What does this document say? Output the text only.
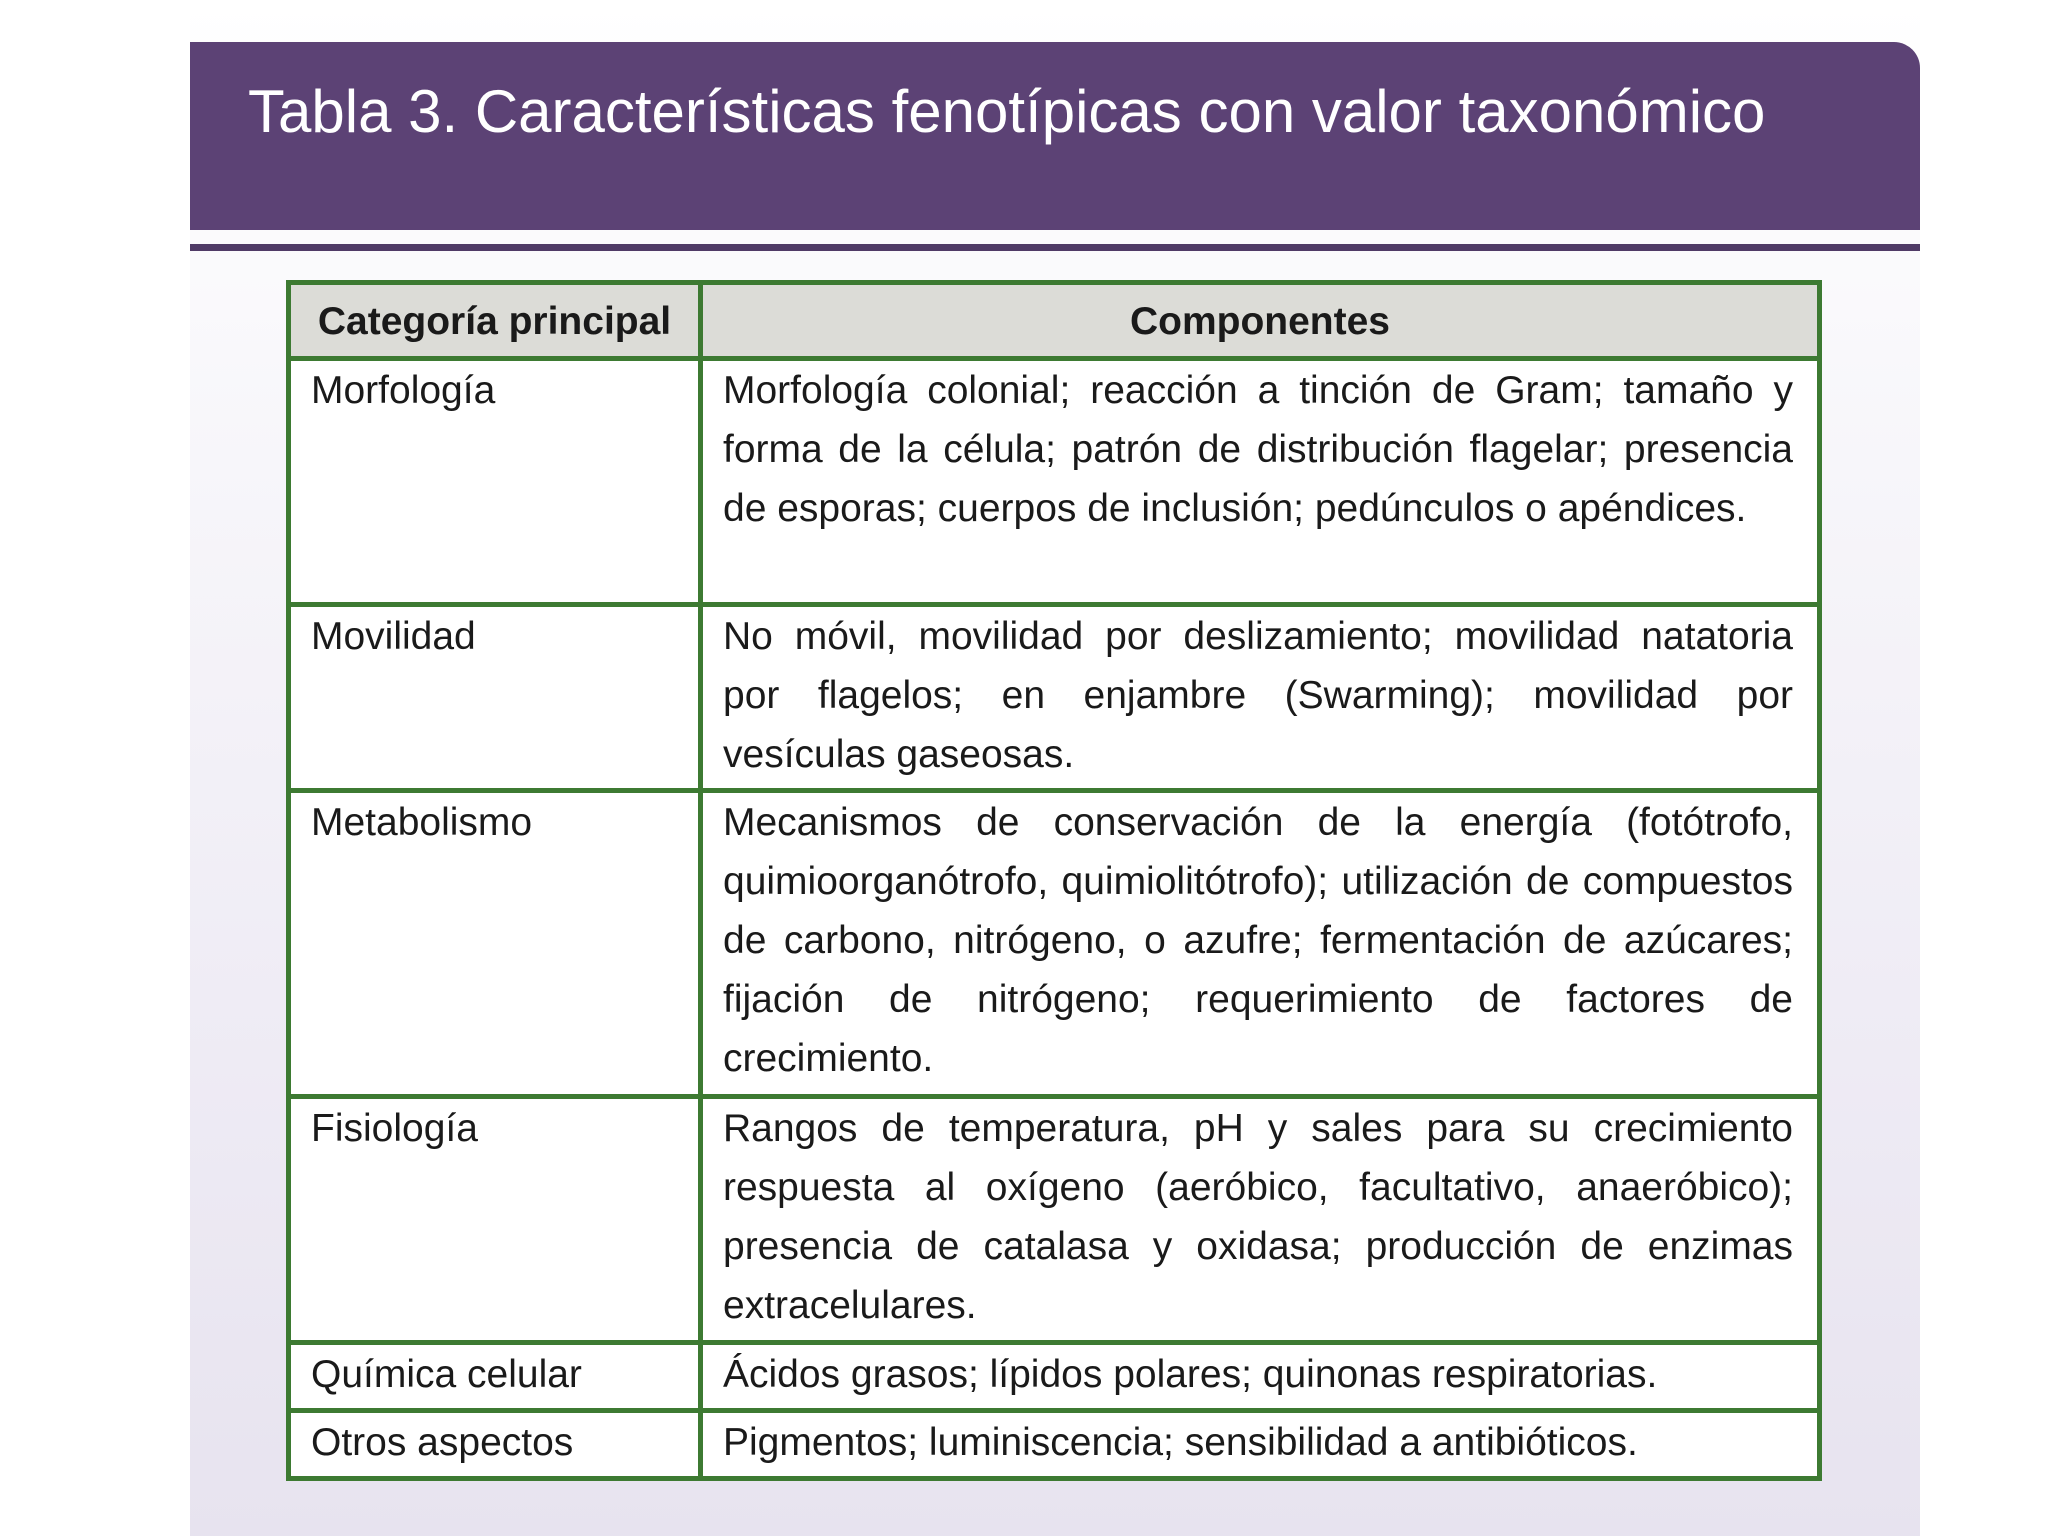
Tabla 3. Características fenotípicas con valor taxonómico
Categoría principal	Componentes
Morfología	Morfología colonial; reacción a tinción de Gram; tamaño y forma de la célula; patrón de distribución flagelar; presencia de esporas; cuerpos de inclusión; pedúnculos o apéndices.
Movilidad	No móvil, movilidad por deslizamiento; movilidad natatoria por flagelos; en enjambre (Swarming); movilidad por vesículas gaseosas.
Metabolismo	Mecanismos de conservación de la energía (fotótrofo, quimioorganótrofo, quimiolitótrofo); utilización de compuestos de carbono, nitrógeno, o azufre; fermentación de azúcares; fijación de nitrógeno; requerimiento de factores de crecimiento.
Fisiología	Rangos de temperatura, pH y sales para su crecimiento respuesta al oxígeno (aeróbico, facultativo, anaeróbico); presencia de catalasa y oxidasa; producción de enzimas extracelulares.
Química celular	Ácidos grasos; lípidos polares; quinonas respiratorias.
Otros aspectos	Pigmentos; luminiscencia; sensibilidad a antibióticos.
